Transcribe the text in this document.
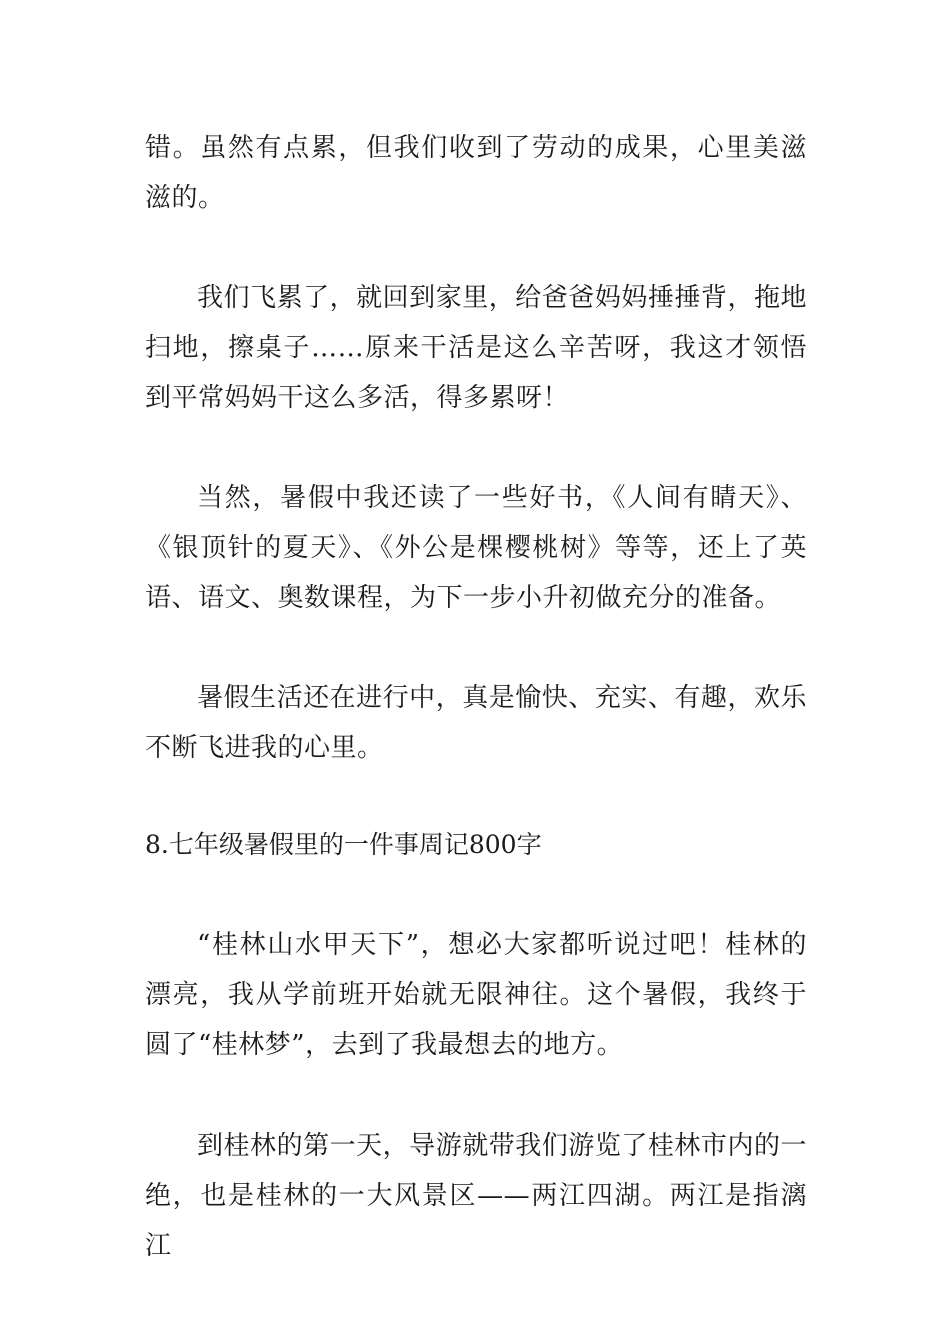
错。虽然有点累，但我们收到了劳动的成果，心里美滋滋的。

我们飞累了，就回到家里，给爸爸妈妈捶捶背，拖地扫地，擦桌子……原来干活是这么辛苦呀，我这才领悟到平常妈妈干这么多活，得多累呀！

当然，暑假中我还读了一些好书，《人间有睛天》、《银顶针的夏天》、《外公是棵樱桃树》等等，还上了英语、语文、奥数课程，为下一步小升初做充分的准备。

暑假生活还在进行中，真是愉快、充实、有趣，欢乐不断飞进我的心里。

8.七年级暑假里的一件事周记800字

“桂林山水甲天下”，想必大家都听说过吧！桂林的漂亮，我从学前班开始就无限神往。这个暑假，我终于圆了“桂林梦”，去到了我最想去的地方。

到桂林的第一天，导游就带我们游览了桂林市内的一绝，也是桂林的一大风景区——两江四湖。两江是指漓江
